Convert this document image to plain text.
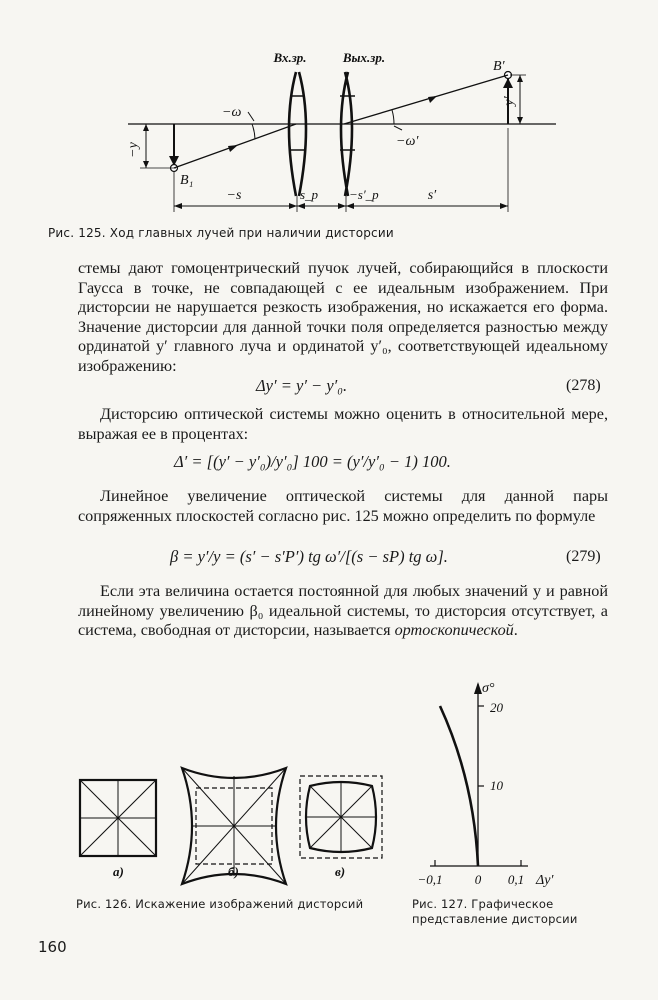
Вх.зр.	Вых.зр.
B₁
B′
−y
y′
−ω
−ω′
−s	s_p −s′_p	s′
Рис. 125. Ход главных лучей при наличии дисторсии
стемы дают гомоцентрический пучок лучей, собирающийся в плоскости Гаусса в точке, не совпадающей с ее идеальным изображением. При дисторсии не нарушается резкость изображения, но искажается его форма. Значение дисторсии для данной точки поля определяется разностью между ординатой y′ главного луча и ординатой y′₀, соответствующей идеальному изображению:
Δy′ = y′ − y′₀.	(278)
Дисторсию оптической системы можно оценить в относительной мере, выражая ее в процентах:
Δ′ = [(y′ − y′₀)/y′₀] 100 = (y′/y′₀ − 1) 100.
Линейное увеличение оптической системы для данной пары сопряженных плоскостей согласно рис. 125 можно определить по формуле
β = y′/y = (s′ − s′P′) tg ω′/[(s − sP) tg ω].	(279)
Если эта величина остается постоянной для любых значений y и равной линейному увеличению β₀ идеальной системы, то дисторсия отсутствует, а система, свободная от дисторсии, называется ортоскопической.
а)	б)	в)
Рис. 126. Искажение изображений дисторсий
σ°
20
10
−0,1 0 0,1 Δy′
Рис. 127. Графическое
представление дисторсии
160
